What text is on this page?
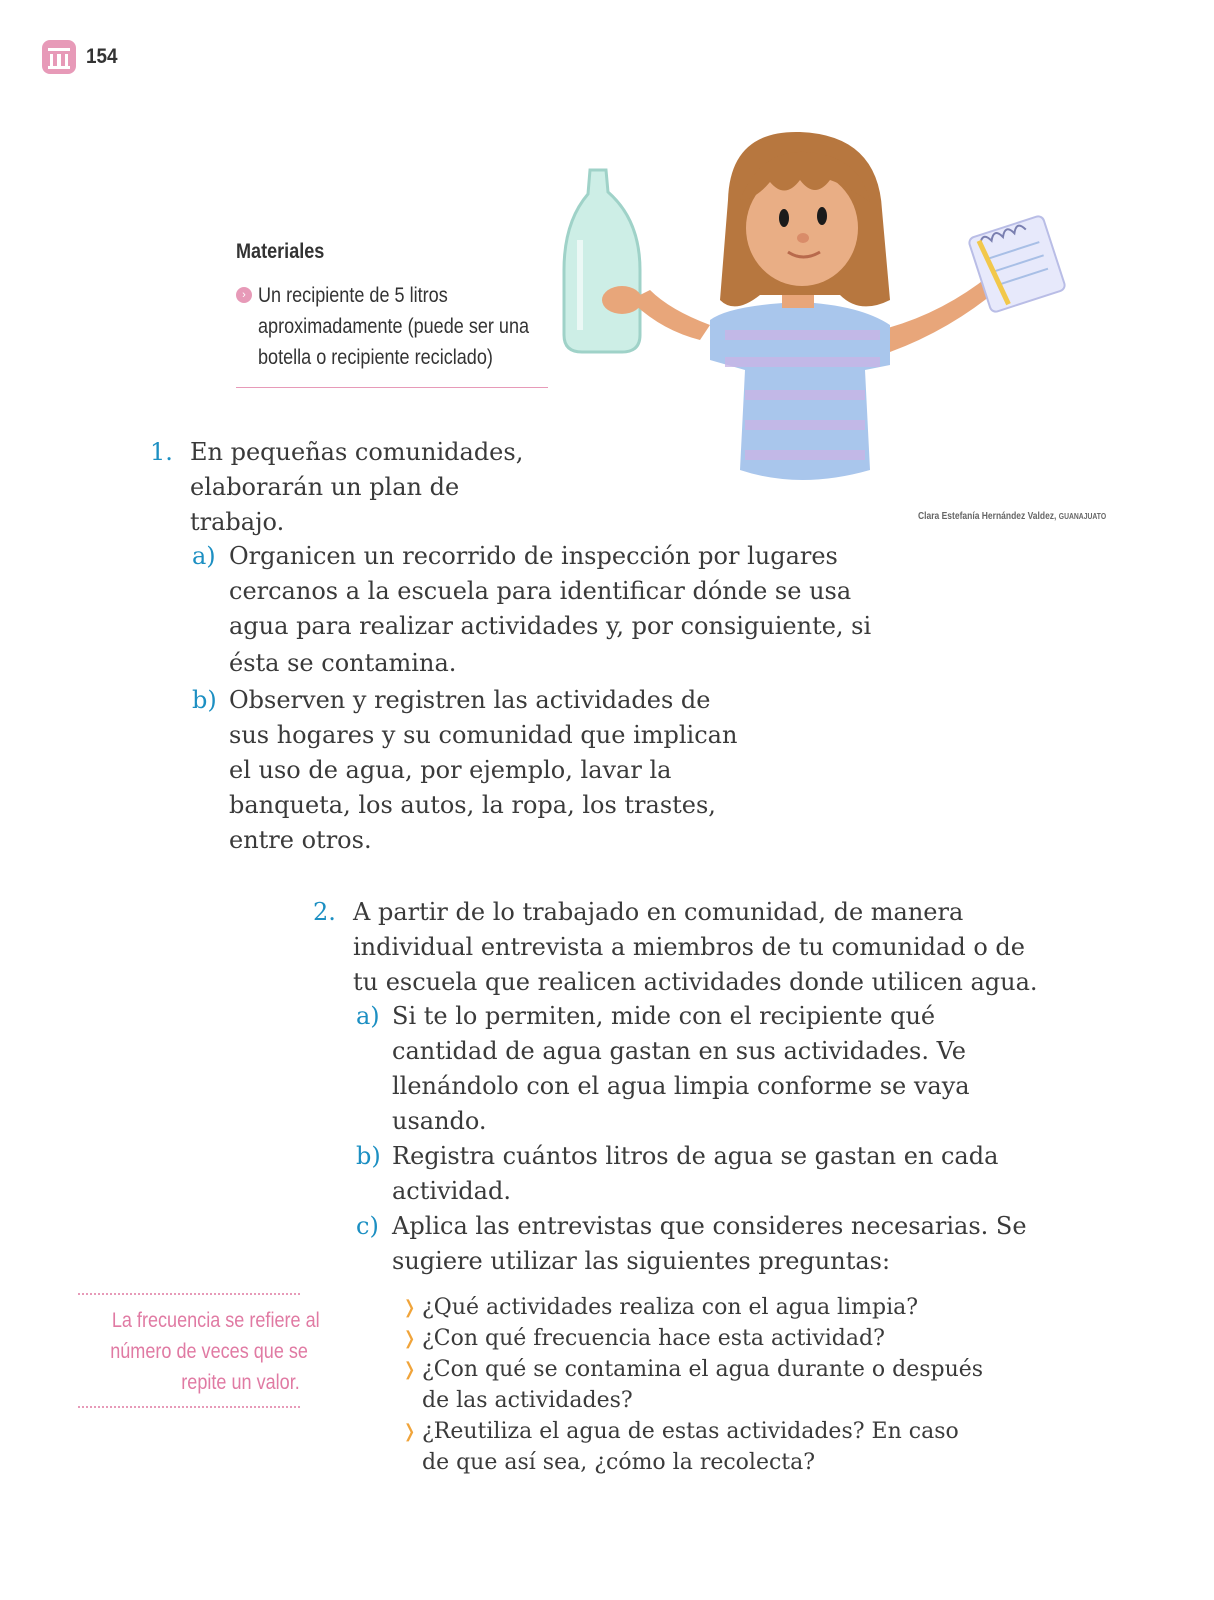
154
Materiales
› Un recipiente de 5 litros
aproximadamente (puede ser una
botella o recipiente reciclado)
Clara Estefanía Hernández Valdez, GUANAJUATO
1. En pequeñas comunidades,
elaborarán un plan de
trabajo.
a) Organicen un recorrido de inspección por lugares
cercanos a la escuela para identificar dónde se usa
agua para realizar actividades y, por consiguiente, si
ésta se contamina.
b) Observen y registren las actividades de
sus hogares y su comunidad que implican
el uso de agua, por ejemplo, lavar la
banqueta, los autos, la ropa, los trastes,
entre otros.
2. A partir de lo trabajado en comunidad, de manera
individual entrevista a miembros de tu comunidad o de
tu escuela que realicen actividades donde utilicen agua.
a) Si te lo permiten, mide con el recipiente qué
cantidad de agua gastan en sus actividades. Ve
llenándolo con el agua limpia conforme se vaya
usando.
b) Registra cuántos litros de agua se gastan en cada
actividad.
c) Aplica las entrevistas que consideres necesarias. Se
sugiere utilizar las siguientes preguntas:
La frecuencia se refiere al
número de veces que se
repite un valor.
❭ ¿Qué actividades realiza con el agua limpia?
❭ ¿Con qué frecuencia hace esta actividad?
❭ ¿Con qué se contamina el agua durante o después
de las actividades?
❭ ¿Reutiliza el agua de estas actividades? En caso
de que así sea, ¿cómo la recolecta?
